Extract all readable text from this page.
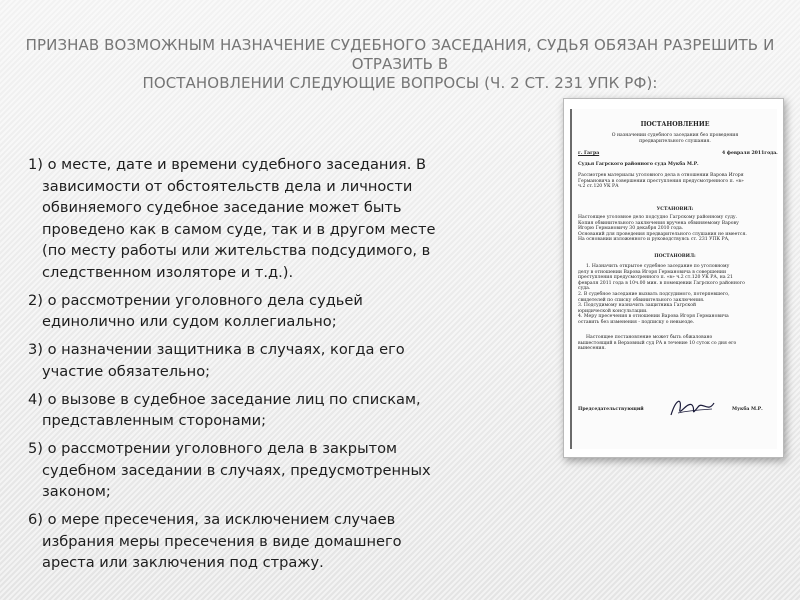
ПРИЗНАВ ВОЗМОЖНЫМ НАЗНАЧЕНИЕ СУДЕБНОГО ЗАСЕДАНИЯ, СУДЬЯ ОБЯЗАН РАЗРЕШИТЬ И ОТРАЗИТЬ В
ПОСТАНОВЛЕНИИ СЛЕДУЮЩИЕ ВОПРОСЫ (Ч. 2 СТ. 231 УПК РФ):
1) о месте, дате и времени судебного заседания. В
зависимости от обстоятельств дела и личности
обвиняемого судебное заседание может быть
проведено как в самом суде, так и в другом месте
(по месту работы или жительства подсудимого, в
следственном изоляторе и т.д.).
2) о рассмотрении уголовного дела судьей
единолично или судом коллегиально;
3) о назначении защитника в случаях, когда его
участие обязательно;
4) о вызове в судебное заседание лиц по спискам,
представленным сторонами;
5) о рассмотрении уголовного дела в закрытом
судебном заседании в случаях, предусмотренных
законом;
6) о мере пресечения, за исключением случаев
избрания меры пресечения в виде домашнего
ареста или заключения под стражу.
ПОСТАНОВЛЕНИЕ
О назначении судебного заседания без проведения
предварительного слушания.
г. Гагра	4 февраля 2011года.
Судья Гагрского районного суда Мукба М.Р.
Рассмотрев материалы уголовного дела в отношении Варова Игоря
Германовича в совершении преступления предусмотренного п. «в»
ч.2 ст.120 УК РА
УСТАНОВИЛ:
Настоящее уголовное дело подсудно Гагрскому районному суду.
Копия обвинительного заключения вручена обвиняемому Варову
Игорю Германовичу 30 декабря 2010 года.
Оснований для проведения предварительного слушания не имеется.
На основании изложенного и руководствуясь ст. 231 УПК РА,
ПОСТАНОВИЛ:
1. Назначить открытое судебное заседание по уголовному
делу в отношении Варова Игоря Германовича в совершении
преступления предусмотренного п. «в» ч.2 ст.120 УК РА, на 21
февраля 2011 года в 10ч.00 мин. в помещении Гагрского районного
суда.
2. В судебное заседание вызвать подсудимого, потерпевшего,
свидетелей по списку обвинительного заключения.
3. Подсудимому назначить защитника Гагрской
юридической консультации.
4. Меру пресечения в отношении Варова Игоря Германовича
оставить без изменения - подписку о невыезде.
Настоящее постановление может быть обжаловано
вышестоящий в Верховный суд РА в течение 10 суток со дня его
вынесения.
Председательствующий	Мукба М.Р.
